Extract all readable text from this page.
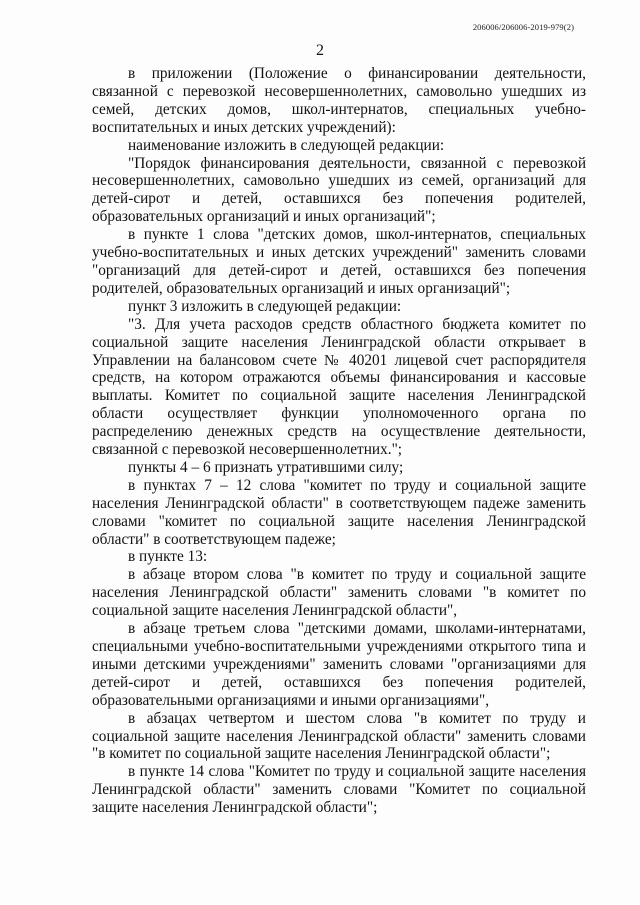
206006/206006-2019-979(2)
2

в приложении (Положение о финансировании деятельности, связанной с перевозкой несовершеннолетних, самовольно ушедших из семей, детских домов, школ-интернатов, специальных учебно-воспитательных и иных детских учреждений):

наименование изложить в следующей редакции:

"Порядок финансирования деятельности, связанной с перевозкой несовершеннолетних, самовольно ушедших из семей, организаций для детей-сирот и детей, оставшихся без попечения родителей, образовательных организаций и иных организаций";

в пункте 1 слова "детских домов, школ-интернатов, специальных учебно-воспитательных и иных детских учреждений" заменить словами "организаций для детей-сирот и детей, оставшихся без попечения родителей, образовательных организаций и иных организаций";

пункт 3 изложить в следующей редакции:

"3. Для учета расходов средств областного бюджета комитет по социальной защите населения Ленинградской области открывает в Управлении на балансовом счете № 40201 лицевой счет распорядителя средств, на котором отражаются объемы финансирования и кассовые выплаты. Комитет по социальной защите населения Ленинградской области осуществляет функции уполномоченного органа по распределению денежных средств на осуществление деятельности, связанной с перевозкой несовершеннолетних.";

пункты 4 – 6 признать утратившими силу;

в пунктах 7 – 12 слова "комитет по труду и социальной защите населения Ленинградской области" в соответствующем падеже заменить словами "комитет по социальной защите населения Ленинградской области" в соответствующем падеже;

в пункте 13:

в абзаце втором слова "в комитет по труду и социальной защите населения Ленинградской области" заменить словами "в комитет по социальной защите населения Ленинградской области",

в абзаце третьем слова "детскими домами, школами-интернатами, специальными учебно-воспитательными учреждениями открытого типа и иными детскими учреждениями" заменить словами "организациями для детей-сирот и детей, оставшихся без попечения родителей, образовательными организациями и иными организациями",

в абзацах четвертом и шестом слова "в комитет по труду и социальной защите населения Ленинградской области" заменить словами "в комитет по социальной защите населения Ленинградской области";

в пункте 14 слова "Комитет по труду и социальной защите населения Ленинградской области" заменить словами "Комитет по социальной защите населения Ленинградской области";
